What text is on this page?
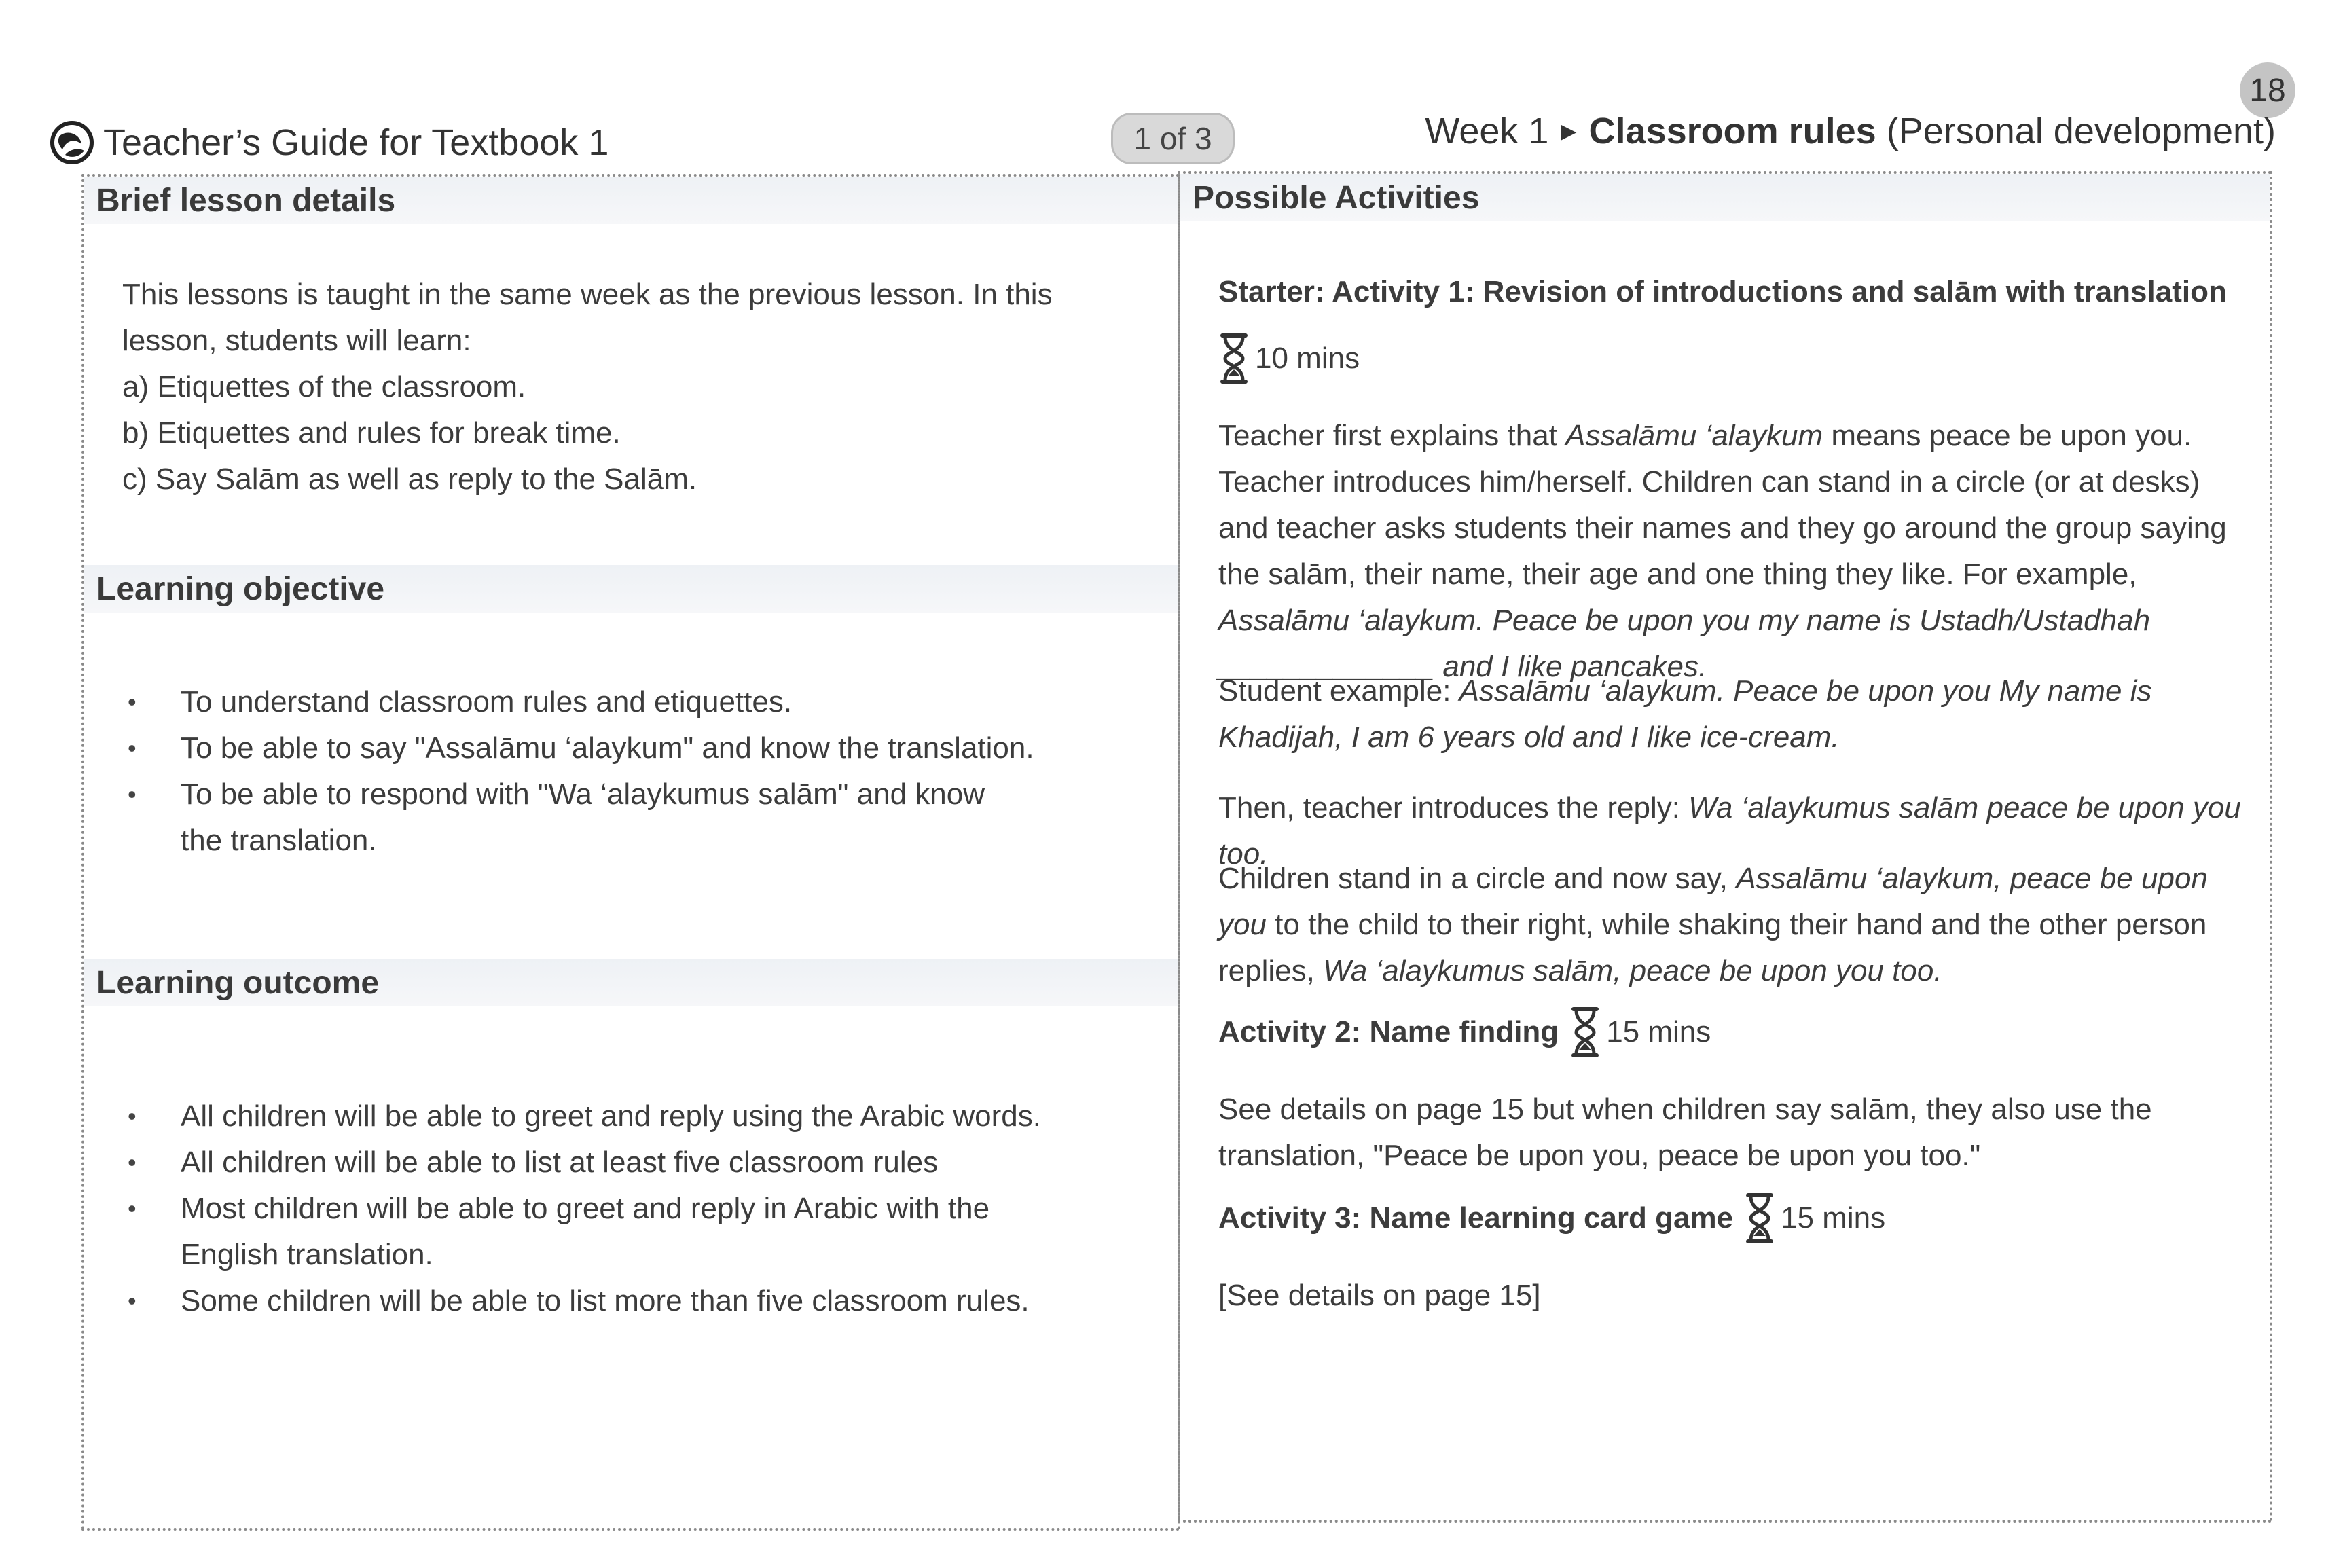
Teacher’s Guide for Textbook 1	1 of 3
18
Week 1 ▶ Classroom rules (Personal development)
Brief lesson details

This lessons is taught in the same week as the previous lesson. In this lesson, students will learn:

a) Etiquettes of the classroom.

b) Etiquettes and rules for break time.

c) Say Salām as well as reply to the Salām.

Learning objective
• To understand classroom rules and etiquettes.
• To be able to say "Assalāmu ‘alaykum" and know the translation.
• To be able to respond with "Wa ‘alaykumus salām" and know the translation.
Learning outcome
• All children will be able to greet and reply using the Arabic words.
• All children will be able to list at least five classroom rules
• Most children will be able to greet and reply in Arabic with the English translation.
• Some children will be able to list more than five classroom rules.
Possible Activities
Starter: Activity 1: Revision of introductions and salām with translation
10 mins

Teacher first explains that Assalāmu ‘alaykum means peace be upon you. Teacher introduces him/herself. Children can stand in a circle (or at desks) and teacher asks students their names and they go around the group saying the salām, their name, their age and one thing they like. For example, Assalāmu ‘alaykum. Peace be upon you my name is Ustadh/Ustadhah _____________ and I like pancakes.

Student example: Assalāmu ‘alaykum. Peace be upon you My name is Khadijah, I am 6 years old and I like ice-cream.

Then, teacher introduces the reply: Wa ‘alaykumus salām peace be upon you too.

Children stand in a circle and now say, Assalāmu ‘alaykum, peace be upon you to the child to their right, while shaking their hand and the other person replies, Wa ‘alaykumus salām, peace be upon you too.

Activity 2: Name finding 15 mins
See details on page 15 but when children say salām, they also use the translation, "Peace be upon you, peace be upon you too."
Activity 3: Name learning card game 15 mins
[See details on page 15]
